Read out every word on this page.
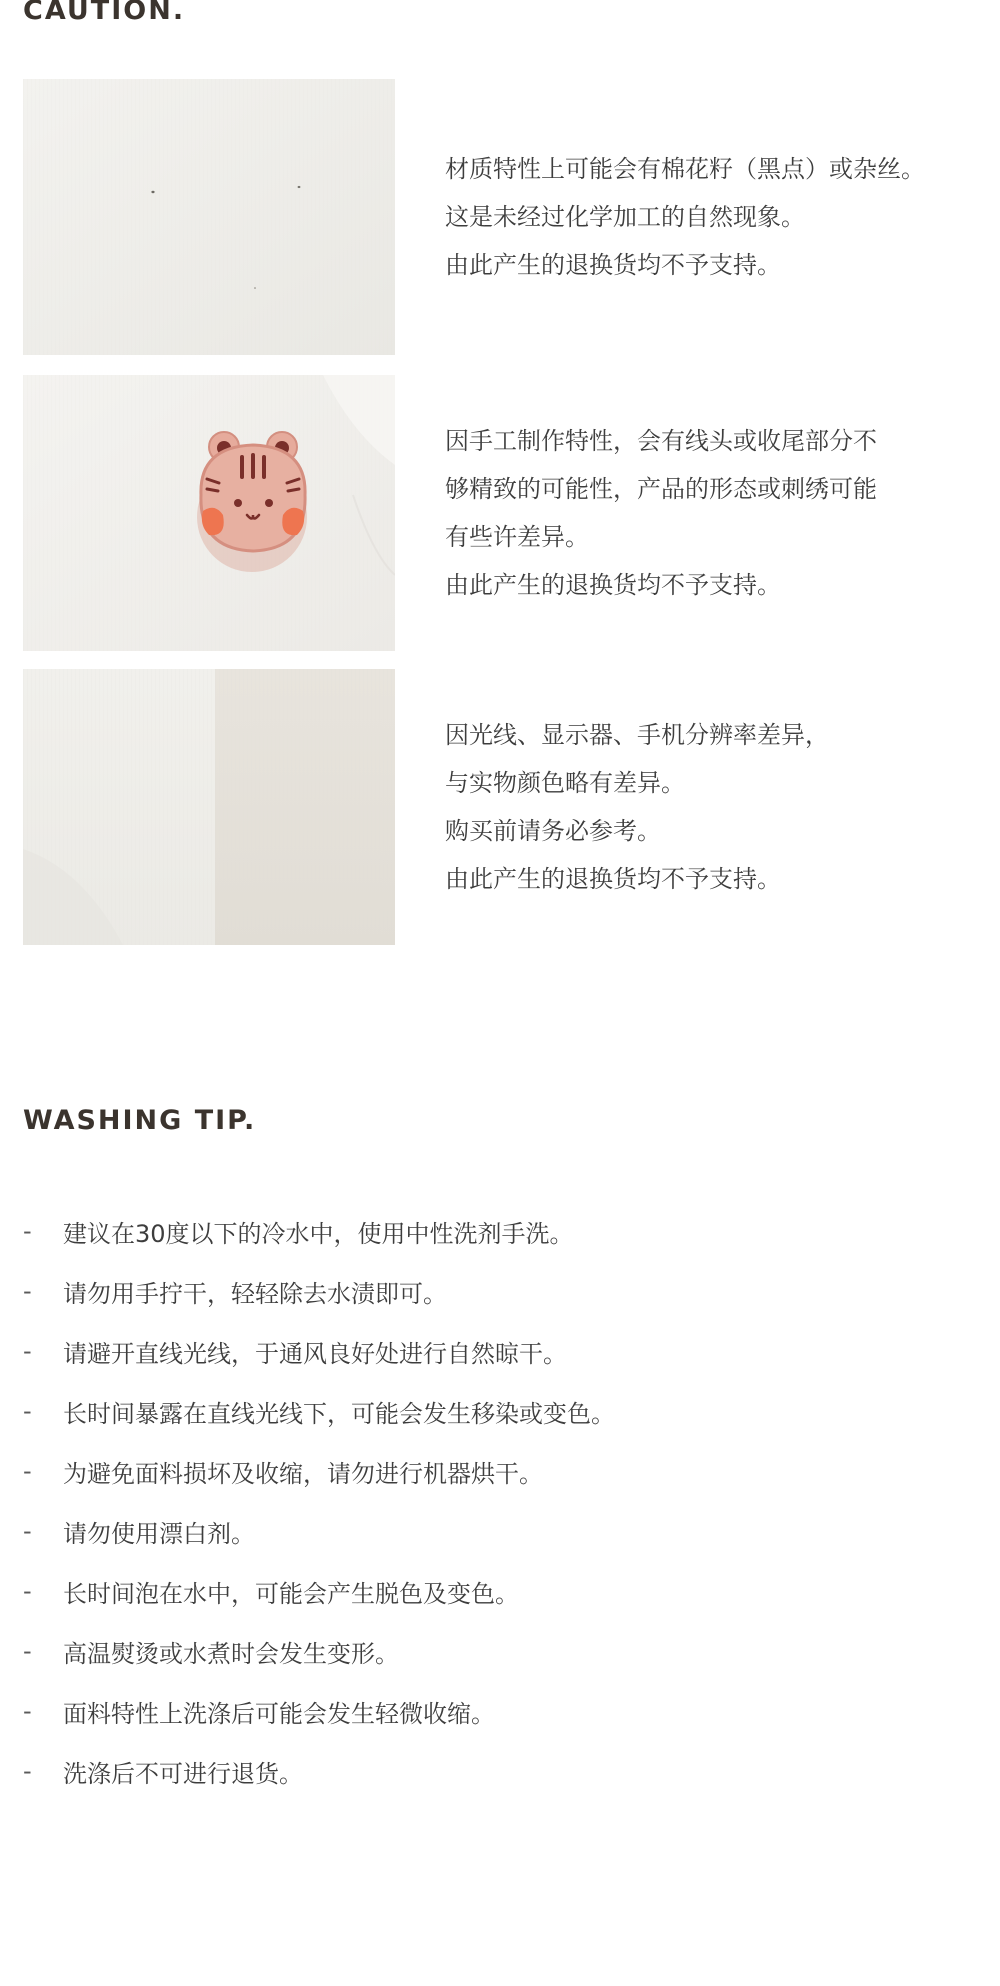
CAUTION.
材质特性上可能会有棉花籽（黑点）或杂丝。
这是未经过化学加工的自然现象。
由此产生的退换货均不予支持。
因手工制作特性，会有线头或收尾部分不
够精致的可能性，产品的形态或刺绣可能
有些许差异。
由此产生的退换货均不予支持。
因光线、显示器、手机分辨率差异，
与实物颜色略有差异。
购买前请务必参考。
由此产生的退换货均不予支持。
WASHING TIP.
-	建议在30度以下的冷水中，使用中性洗剂手洗。
-	请勿用手拧干，轻轻除去水渍即可。
-	请避开直线光线，于通风良好处进行自然晾干。
-	长时间暴露在直线光线下，可能会发生移染或变色。
-	为避免面料损坏及收缩，请勿进行机器烘干。
-	请勿使用漂白剂。
-	长时间泡在水中，可能会产生脱色及变色。
-	高温熨烫或水煮时会发生变形。
-	面料特性上洗涤后可能会发生轻微收缩。
-	洗涤后不可进行退货。
